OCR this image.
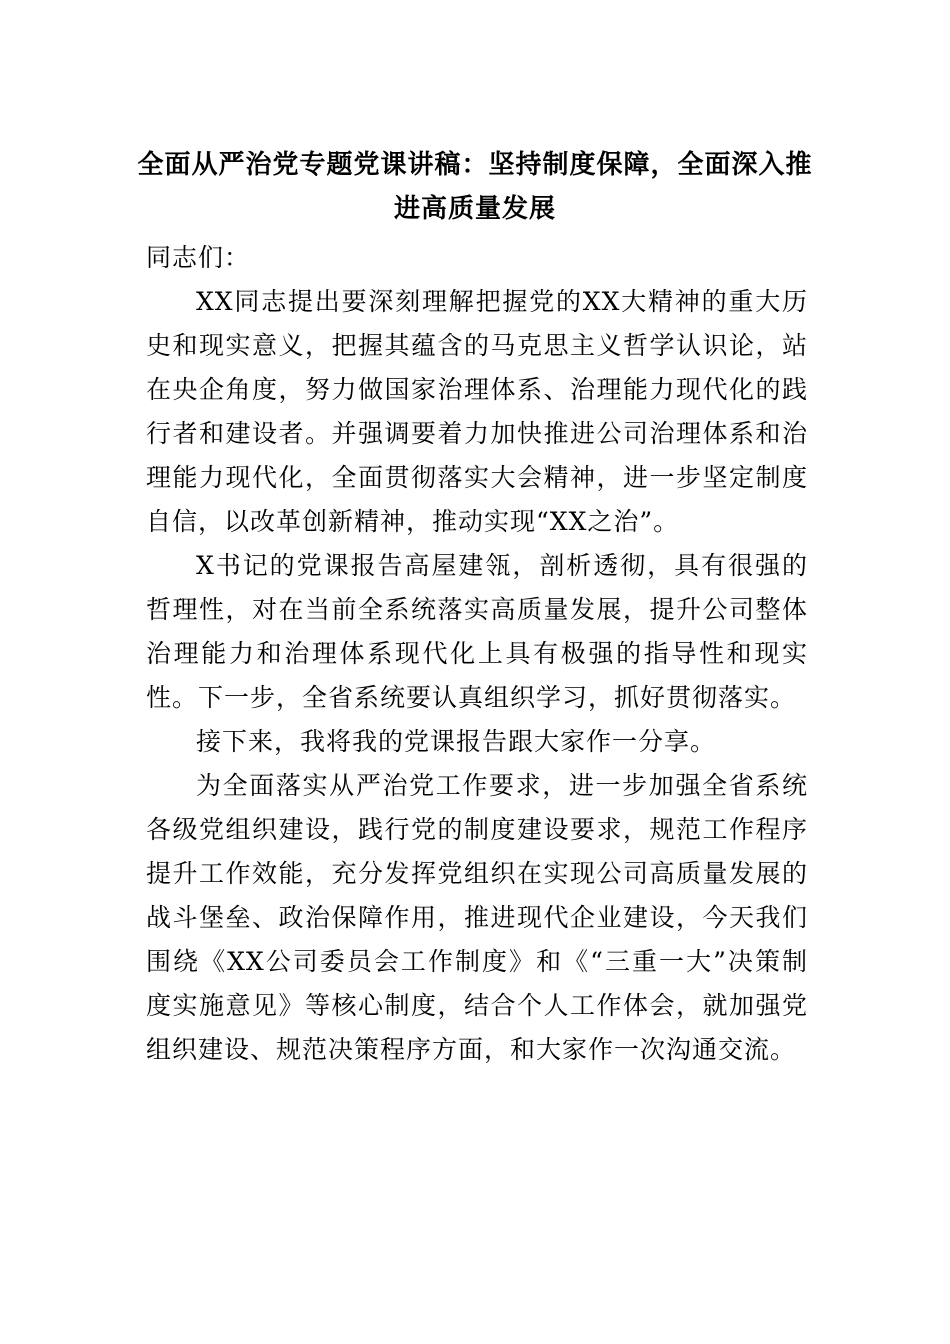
全面从严治党专题党课讲稿：坚持制度保障，全面深入推进高质量发展

同志们：

XX同志提出要深刻理解把握党的XX大精神的重大历史和现实意义，把握其蕴含的马克思主义哲学认识论，站在央企角度，努力做国家治理体系、治理能力现代化的践行者和建设者。并强调要着力加快推进公司治理体系和治理能力现代化，全面贯彻落实大会精神，进一步坚定制度自信，以改革创新精神，推动实现“XX之治”。

X书记的党课报告高屋建瓴，剖析透彻，具有很强的哲理性，对在当前全系统落实高质量发展，提升公司整体治理能力和治理体系现代化上具有极强的指导性和现实性。下一步，全省系统要认真组织学习，抓好贯彻落实。

接下来，我将我的党课报告跟大家作一分享。

为全面落实从严治党工作要求，进一步加强全省系统各级党组织建设，践行党的制度建设要求，规范工作程序提升工作效能，充分发挥党组织在实现公司高质量发展的战斗堡垒、政治保障作用，推进现代企业建设，今天我们围绕《XX公司委员会工作制度》和《“三重一大”决策制度实施意见》等核心制度，结合个人工作体会，就加强党组织建设、规范决策程序方面，和大家作一次沟通交流。
